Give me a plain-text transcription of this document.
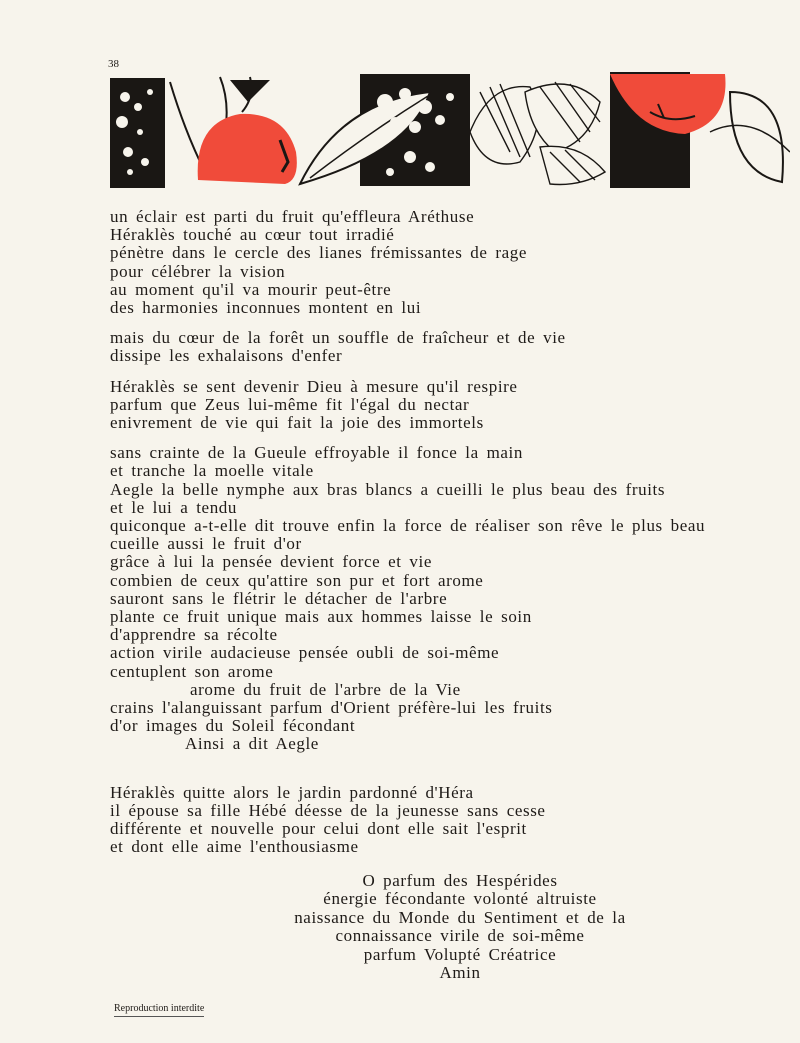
38
un éclair est parti du fruit qu'effleura Aréthuse
Héraklès touché au cœur tout irradié
pénètre dans le cercle des lianes frémissantes de rage
pour célébrer la vision
au moment qu'il va mourir peut-être
des harmonies inconnues montent en lui
mais du cœur de la forêt un souffle de fraîcheur et de vie
dissipe les exhalaisons d'enfer
Héraklès se sent devenir Dieu à mesure qu'il respire
parfum que Zeus lui-même fit l'égal du nectar
enivrement de vie qui fait la joie des immortels
sans crainte de la Gueule effroyable il fonce la main
et tranche la moelle vitale
Aegle la belle nymphe aux bras blancs a cueilli le plus beau des fruits
et le lui a tendu
quiconque a-t-elle dit trouve enfin la force de réaliser son rêve le plus beau
cueille aussi le fruit d'or
grâce à lui la pensée devient force et vie
combien de ceux qu'attire son pur et fort arome
sauront sans le flétrir le détacher de l'arbre
plante ce fruit unique mais aux hommes laisse le soin
d'apprendre sa récolte
action virile audacieuse pensée oubli de soi-même
centuplent son arome
arome du fruit de l'arbre de la Vie
crains l'alanguissant parfum d'Orient préfère-lui les fruits
d'or images du Soleil fécondant
Ainsi a dit Aegle
Héraklès quitte alors le jardin pardonné d'Héra
il épouse sa fille Hébé déesse de la jeunesse sans cesse
différente et nouvelle pour celui dont elle sait l'esprit
et dont elle aime l'enthousiasme
O parfum des Hespérides
énergie fécondante volonté altruiste
naissance du Monde du Sentiment et de la
connaissance virile de soi-même
parfum Volupté Créatrice
Amin
Reproduction interdite
